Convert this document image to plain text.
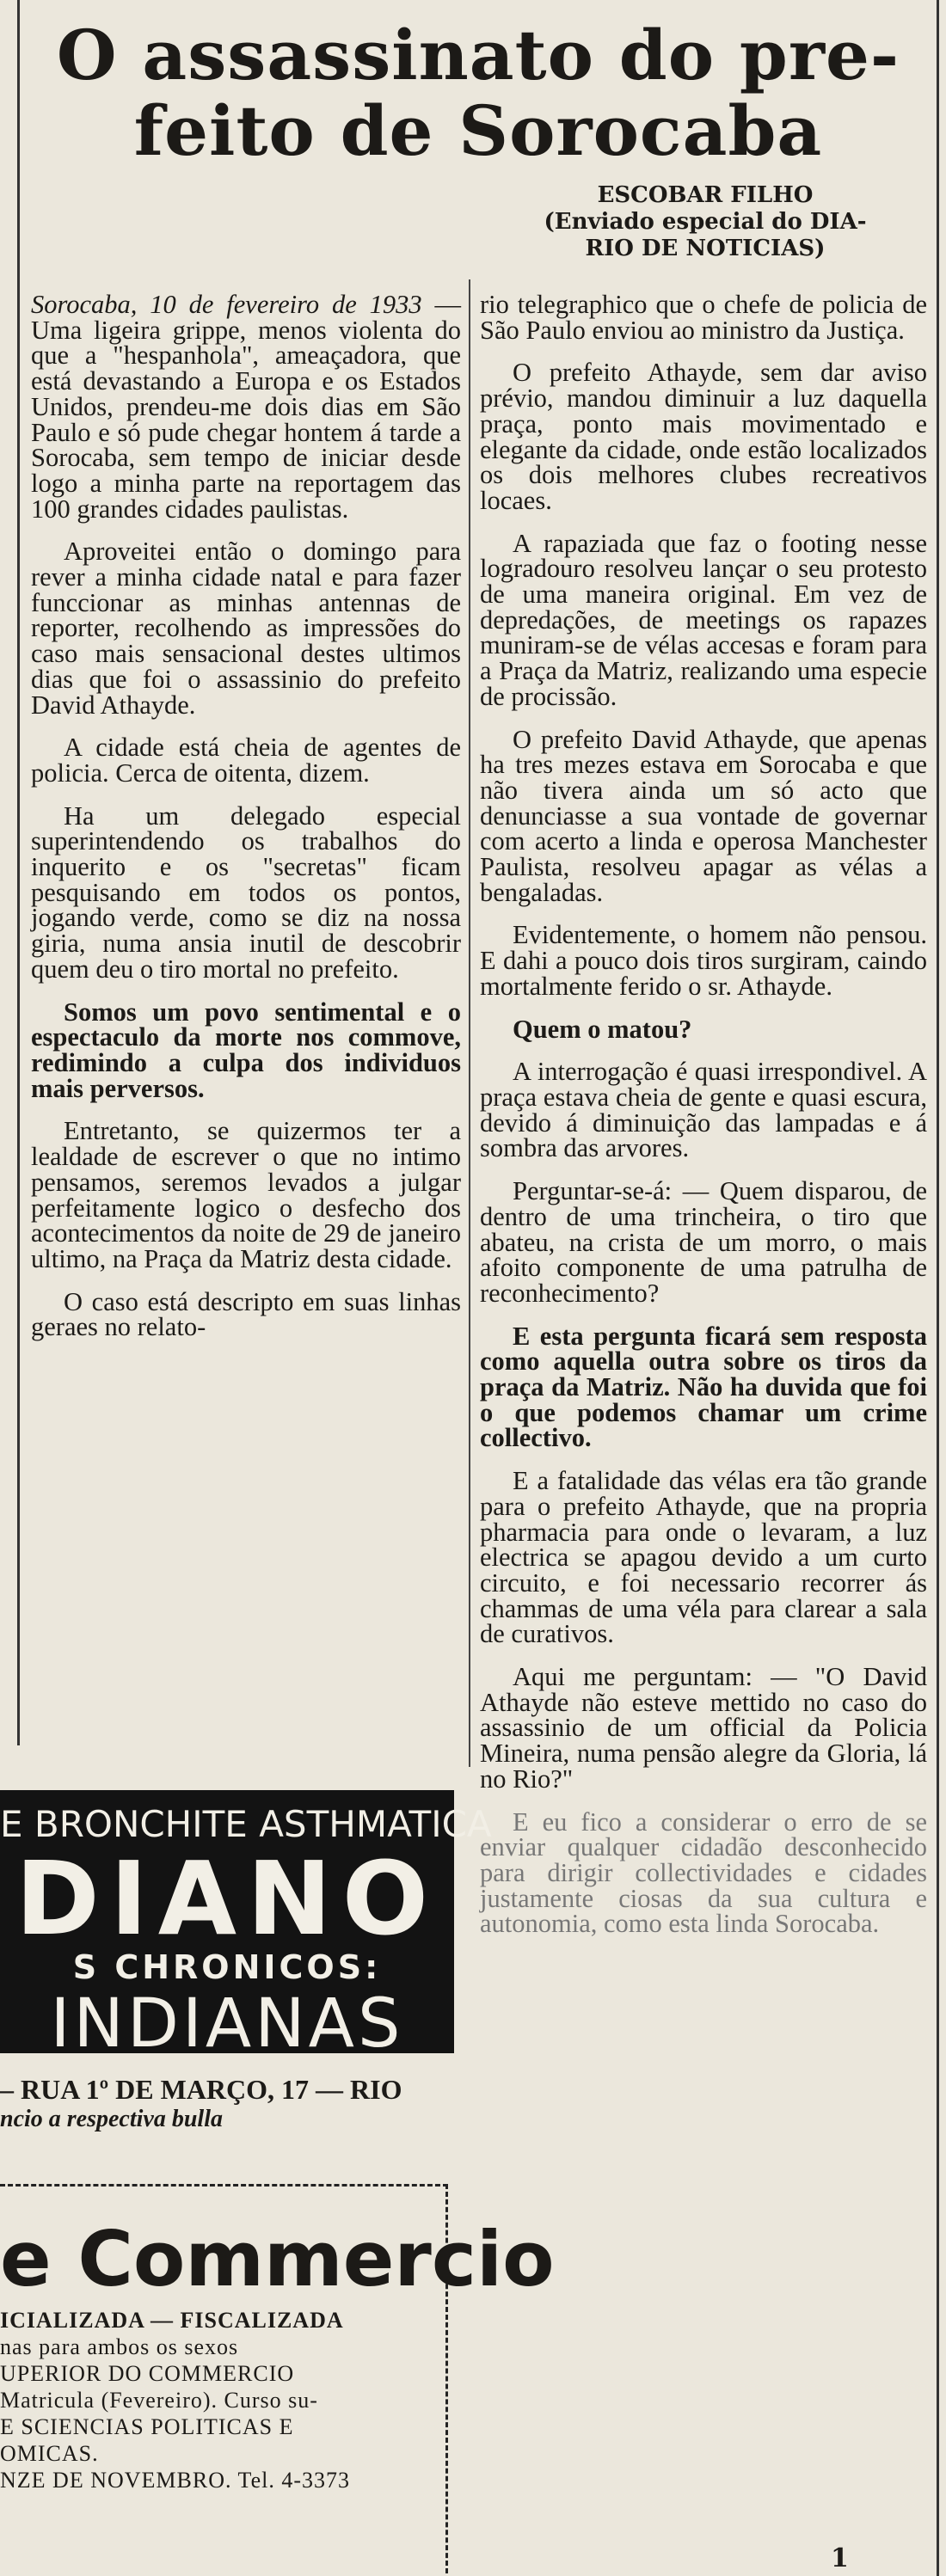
O assassinato do pre-
feito de Sorocaba
ESCOBAR FILHO
(Enviado especial do DIA-
RIO DE NOTICIAS)

Sorocaba, 10 de fevereiro de 1933 — Uma ligeira grippe, menos violenta do que a "hespanhola", ameaçadora, que está devastando a Europa e os Estados Unidos, prendeu-me dois dias em São Paulo e só pude chegar hontem á tarde a Sorocaba, sem tempo de iniciar desde logo a minha parte na reportagem das 100 grandes cidades paulistas.

Aproveitei então o domingo para rever a minha cidade natal e para fazer funccionar as minhas antennas de reporter, recolhendo as impressões do caso mais sensacional destes ultimos dias que foi o assassinio do prefeito David Athayde.

A cidade está cheia de agentes de policia. Cerca de oitenta, dizem.

Ha um delegado especial superintendendo os trabalhos do inquerito e os "secretas" ficam pesquisando em todos os pontos, jogando verde, como se diz na nossa giria, numa ansia inutil de descobrir quem deu o tiro mortal no prefeito.

Somos um povo sentimental e o espectaculo da morte nos commove, redimindo a culpa dos individuos mais perversos.

Entretanto, se quizermos ter a lealdade de escrever o que no intimo pensamos, seremos levados a julgar perfeitamente logico o desfecho dos acontecimentos da noite de 29 de janeiro ultimo, na Praça da Matriz desta cidade.

O caso está descripto em suas linhas geraes no relato-

rio telegraphico que o chefe de policia de São Paulo enviou ao ministro da Justiça.

O prefeito Athayde, sem dar aviso prévio, mandou diminuir a luz daquella praça, ponto mais movimentado e elegante da cidade, onde estão localizados os dois melhores clubes recreativos locaes.

A rapaziada que faz o footing nesse logradouro resolveu lançar o seu protesto de uma maneira original. Em vez de depredações, de meetings os rapazes muniram-se de vélas accesas e foram para a Praça da Matriz, realizando uma especie de procissão.

O prefeito David Athayde, que apenas ha tres mezes estava em Sorocaba e que não tivera ainda um só acto que denunciasse a sua vontade de governar com acerto a linda e operosa Manchester Paulista, resolveu apagar as vélas a bengaladas.

Evidentemente, o homem não pensou. E dahi a pouco dois tiros surgiram, caindo mortalmente ferido o sr. Athayde.

Quem o matou?

A interrogação é quasi irrespondivel. A praça estava cheia de gente e quasi escura, devido á diminuição das lampadas e á sombra das arvores.

Perguntar-se-á: — Quem disparou, de dentro de uma trincheira, o tiro que abateu, na crista de um morro, o mais afoito componente de uma patrulha de reconhecimento?

E esta pergunta ficará sem resposta como aquella outra sobre os tiros da praça da Matriz. Não ha duvida que foi o que podemos chamar um crime collectivo.

E a fatalidade das vélas era tão grande para o prefeito Athayde, que na propria pharmacia para onde o levaram, a luz electrica se apagou devido a um curto circuito, e foi necessario recorrer ás chammas de uma véla para clarear a sala de curativos.

Aqui me perguntam: — "O David Athayde não esteve mettido no caso do assassinio de um official da Policia Mineira, numa pensão alegre da Gloria, lá no Rio?"

E eu fico a considerar o erro de se enviar qualquer cidadão desconhecido para dirigir collectividades e cidades justamente ciosas da sua cultura e autonomia, como esta linda Sorocaba.

E BRONCHITE ASTHMATICA
DIANO
S CHRONICOS:
INDIANAS
– RUA 1º DE MARÇO, 17 — RIO
ncio a respectiva bulla
e Commercio
ICIALIZADA — FISCALIZADA
nas para ambos os sexos
UPERIOR DO COMMERCIO
Matricula (Fevereiro). Curso su-
E SCIENCIAS POLITICAS E
OMICAS.
NZE DE NOVEMBRO. Tel. 4-3373
1
